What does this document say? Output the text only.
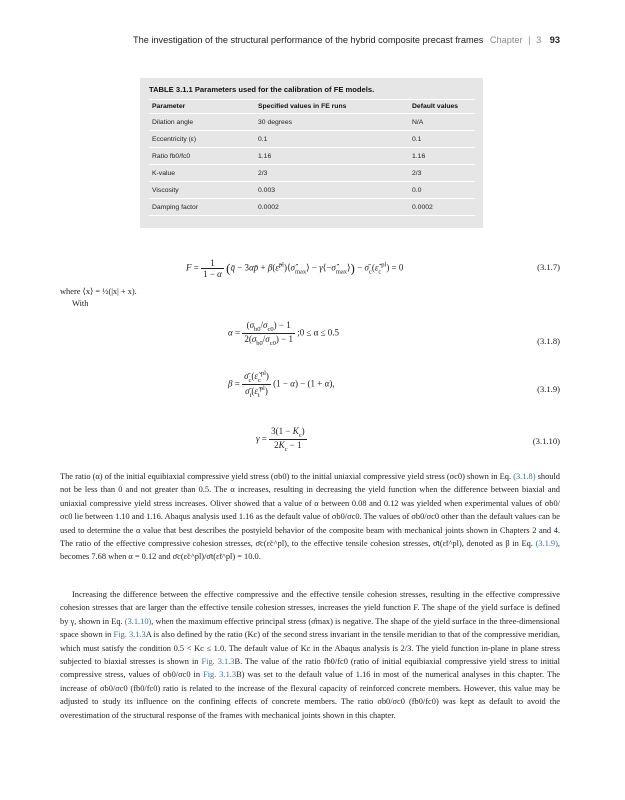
The investigation of the structural performance of the hybrid composite precast frames Chapter | 3 93
TABLE 3.1.1 Parameters used for the calibration of FE models.
Parameter	Specified values in FE runs	Default values
Dilation angle	30 degrees	N/A
Eccentricity (ε)	0.1	0.1
Ratio fb0/fc0	1.16	1.16
K-value	2/3	2/3
Viscosity	0.003	0.0
Damping factor	0.0002	0.0002
$F = \frac{1}{1 - \alpha}$ (q̄ − 3αp̄ + $\beta(\varepsiloñ^{pl})⟨\sigmâ_{max}⟩$ − $\gamma⟨-\sigmâ_{max}⟩$) − $\sigmā_c(\varepsiloñ_c^{pl}) = 0$	(3.1.7)
where ⟨x⟩ = ½(|x| + x).
With
$\alpha = \frac{(\sigma_{b0}/\sigma_{c0}) - 1}{2(\sigma_{b0}/\sigma_{c0}) - 1}$ ;0 ≤ α ≤ 0.5
(3.1.8)
$\beta = \frac{\sigmā_c(\varepsiloñ_c^{pl})}{\sigmā_t(\varepsiloñ_t^{pl})} (1 - \alpha) - (1 + \alpha)$,
(3.1.9)
$\gamma = \frac{3(1 - K_c)}{2K_c - 1}$	(3.1.10)

The ratio (α) of the initial equibiaxial compressive yield stress (σb0) to the initial uniaxial compressive yield stress (σc0) shown in Eq. (3.1.8) should not be less than 0 and not greater than 0.5. The α increases, resulting in decreasing the yield function when the difference between biaxial and uniaxial compressive yield stress increases. Oliver showed that a value of α between 0.08 and 0.12 was yielded when experimental values of σb0/σc0 lie between 1.10 and 1.16. Abaqus analysis used 1.16 as the default value of σb0/σc0. The values of σb0/σc0 other than the default values can be used to determine the α value that best describes the postyield behavior of the composite beam with mechanical joints shown in Chapters 2 and 4. The ratio of the effective compressive cohesion stresses, σ̄c(ε̃c^pl), to the effective tensile cohesion stresses, σ̄t(ε̃t^pl), denoted as β in Eq. (3.1.9), becomes 7.68 when α = 0.12 and σ̄c(ε̃c^pl)/σ̄t(ε̃t^pl) = 10.0.

Increasing the difference between the effective compressive and the effective tensile cohesion stresses, resulting in the effective compressive cohesion stresses that are larger than the effective tensile cohesion stresses, increases the yield function F. The shape of the yield surface is defined by γ, shown in Eq. (3.1.10), when the maximum effective principal stress (σ̂max) is negative. The shape of the yield surface in the three-dimensional space shown in Fig. 3.1.3A is also defined by the ratio (Kc) of the second stress invariant in the tensile meridian to that of the compressive meridian, which must satisfy the condition 0.5 < Kc ≤ 1.0. The default value of Kc in the Abaqus analysis is 2/3. The yield function in-plane in plane stress subjected to biaxial stresses is shown in Fig. 3.1.3B. The value of the ratio fb0/fc0 (ratio of initial equibiaxial compressive yield stress to initial compressive stress, values of σb0/σc0 in Fig. 3.1.3B) was set to the default value of 1.16 in most of the numerical analyses in this chapter. The increase of σb0/σc0 (fb0/fc0) ratio is related to the increase of the flexural capacity of reinforced concrete members. However, this value may be adjusted to study its influence on the confining effects of concrete members. The ratio σb0/σc0 (fb0/fc0) was kept as default to avoid the overestimation of the structural response of the frames with mechanical joints shown in this chapter.
